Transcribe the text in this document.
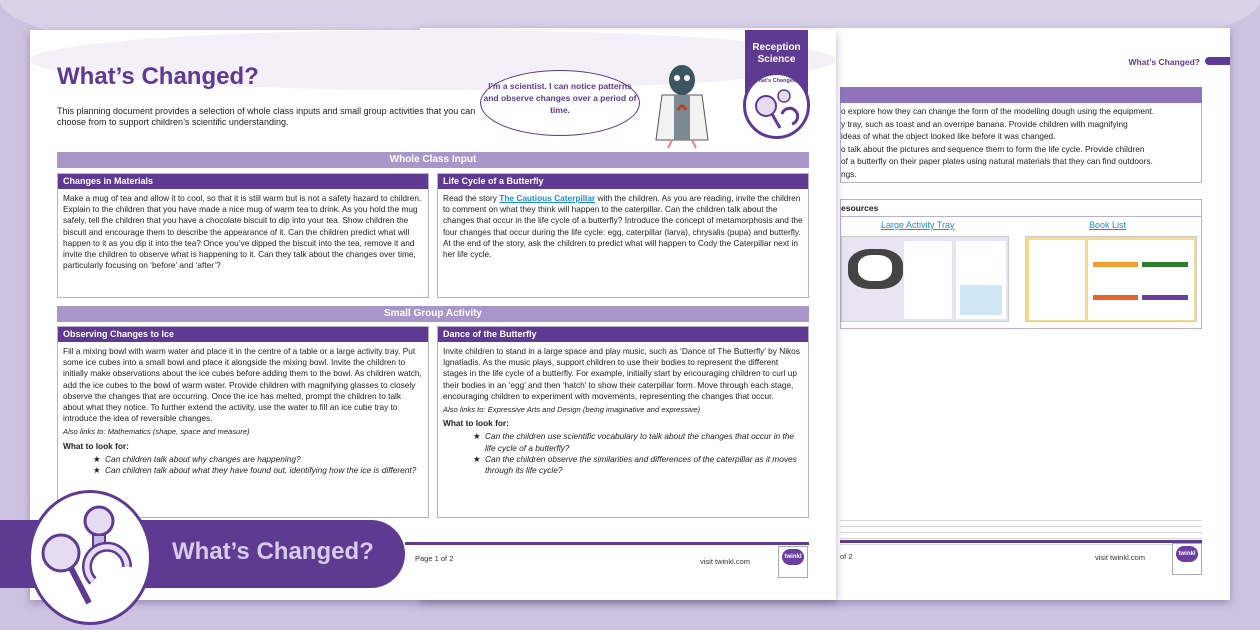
What’s Changed?
o explore how they can change the form of the modelling dough using the equipment.
y tray, such as toast and an overripe banana. Provide children with magnifying
ideas of what the object looked like before it was changed.
o talk about the pictures and sequence them to form the life cycle. Provide children
of a butterfly on their paper plates using natural materials that they can find outdoors.
ngs.
esources
Large Activity Tray	Book List
of 2	visit twinkl.com	twinkl
What’s Changed?
This planning document provides a selection of whole class inputs and small group activities that you can choose from to support children’s scientific understanding.
I’m a scientist. I can notice patterns and observe changes over a period of time.
Reception
Science
What’s Changed?
Whole Class Input
Changes in Materials
Make a mug of tea and allow it to cool, so that it is still warm but is not a safety hazard to children. Explain to the children that you have made a nice mug of warm tea to drink. As you hold the mug safely, tell the children that you have a chocolate biscuit to dip into your tea. Show children the biscuit and encourage them to describe the appearance of it. Can the children predict what will happen to it as you dip it into the tea? Once you’ve dipped the biscuit into the tea, remove it and invite the children to observe what is happening to it. Can they talk about the changes over time, particularly focusing on ‘before’ and ‘after’?
Life Cycle of a Butterfly
Read the story The Cautious Caterpillar with the children. As you are reading, invite the children to comment on what they think will happen to the caterpillar. Can the children talk about the changes that occur in the life cycle of a butterfly? Introduce the concept of metamorphosis and the four changes that occur during the life cycle: egg, caterpillar (larva), chrysalis (pupa) and butterfly. At the end of the story, ask the children to predict what will happen to Cody the Caterpillar next in her life cycle.
Small Group Activity
Observing Changes to Ice
Fill a mixing bowl with warm water and place it in the centre of a table or a large activity tray. Put some ice cubes into a small bowl and place it alongside the mixing bowl. Invite the children to initially make observations about the ice cubes before adding them to the bowl. As children watch, add the ice cubes to the bowl of warm water. Provide children with magnifying glasses to closely observe the changes that are occurring. Once the ice has melted, prompt the children to talk about what they notice. To further extend the activity, use the water to fill an ice cube tray to introduce the idea of reversible changes.
Also links to: Mathematics (shape, space and measure)
What to look for:
★ Can children talk about why changes are happening?
★ Can children talk about what they have found out, identifying how the ice is different?
Dance of the Butterfly
Invite children to stand in a large space and play music, such as ‘Dance of The Butterfly’ by Nikos Ignatiadis. As the music plays, support children to use their bodies to represent the different stages in the life cycle of a butterfly. For example, initially start by encouraging children to curl up their bodies in an ‘egg’ and then ‘hatch’ to show their caterpillar form. Move through each stage, encouraging children to experiment with movements, representing the changes that occur.
Also links to: Expressive Arts and Design (being imaginative and expressive)
What to look for:
★ Can the children use scientific vocabulary to talk about the changes that occur in the life cycle of a butterfly?
★ Can the children observe the similarities and differences of the caterpillar as it moves through its life cycle?
Page 1 of 2	visit twinkl.com	twinkl
What’s Changed?
